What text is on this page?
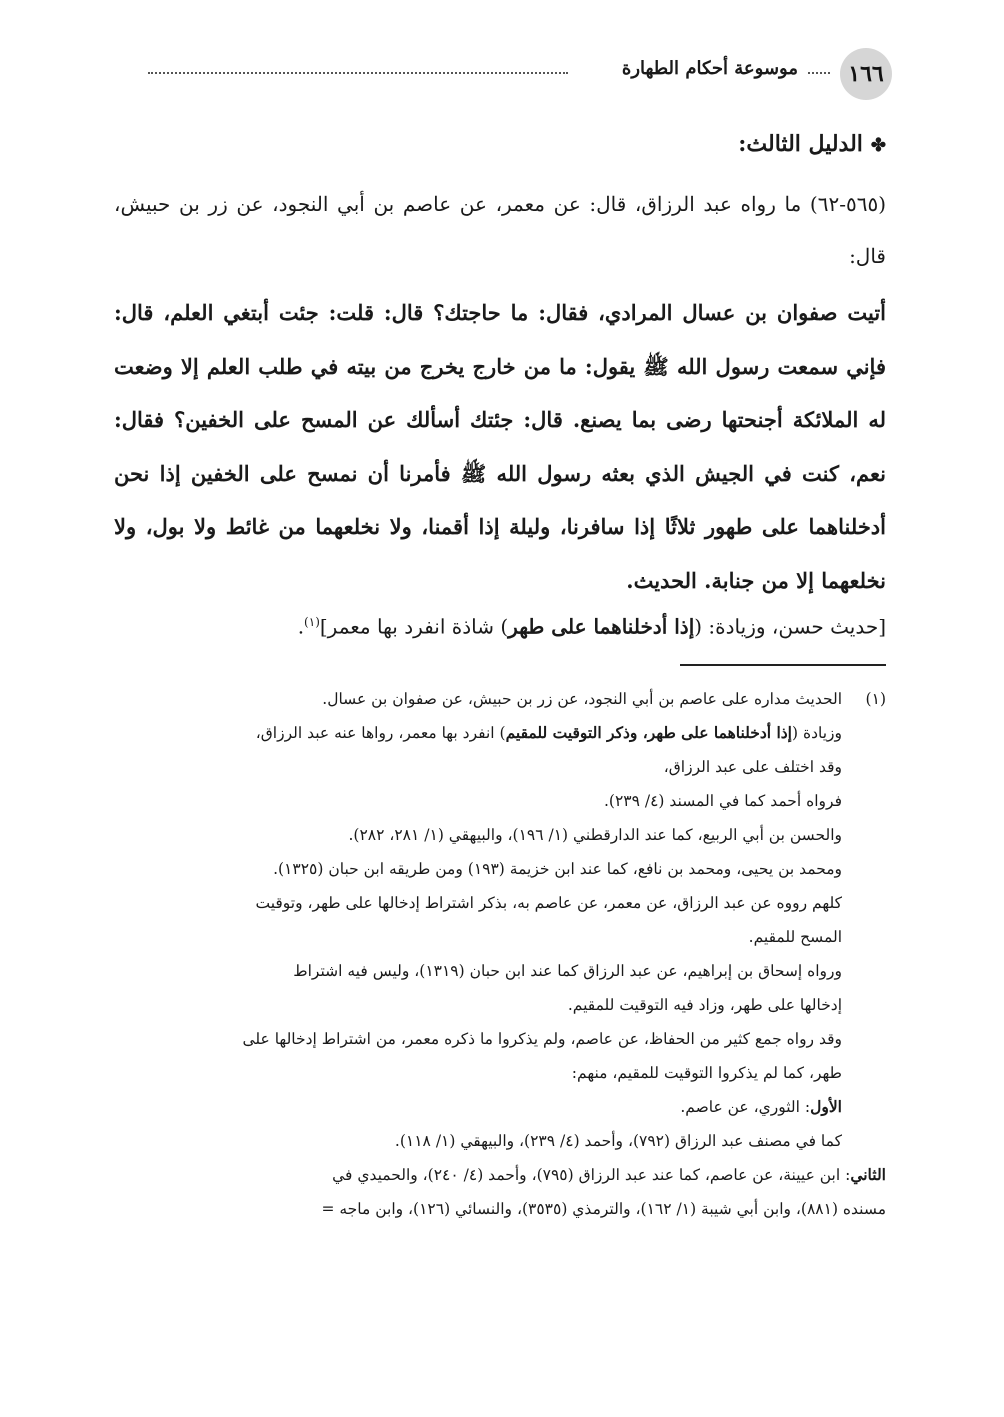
١٦٦
موسوعة أحكام الطهارة
✤الدليل الثالث:
(٥٦٥-٦٢) ما رواه عبد الرزاق، قال: عن معمر، عن عاصم بن أبي النجود، عن زر بن حبيش، قال:
أتيت صفوان بن عسال المرادي، فقال: ما حاجتك؟ قال: قلت: جئت أبتغي العلم، قال: فإني سمعت رسول الله ﷺ يقول: ما من خارج يخرج من بيته في طلب العلم إلا وضعت له الملائكة أجنحتها رضى بما يصنع. قال: جئتك أسألك عن المسح على الخفين؟ فقال: نعم، كنت في الجيش الذي بعثه رسول الله ﷺ فأمرنا أن نمسح على الخفين إذا نحن أدخلناهما على طهور ثلاثًا إذا سافرنا، وليلة إذا أقمنا، ولا نخلعهما من غائط ولا بول، ولا نخلعهما إلا من جنابة. الحديث.
[حديث حسن، وزيادة: (إذا أدخلناهما على طهر) شاذة انفرد بها معمر]$^{(١)}$.
(١)الحديث مداره على عاصم بن أبي النجود، عن زر بن حبيش، عن صفوان بن عسال.
وزيادة (إذا أدخلناهما على طهر، وذكر التوقيت للمقيم) انفرد بها معمر، رواها عنه عبد الرزاق،
وقد اختلف على عبد الرزاق،
فرواه أحمد كما في المسند (٤/ ٢٣٩).
والحسن بن أبي الربيع، كما عند الدارقطني (١/ ١٩٦)، والبيهقي (١/ ٢٨١، ٢٨٢).
ومحمد بن يحيى، ومحمد بن نافع، كما عند ابن خزيمة (١٩٣) ومن طريقه ابن حبان (١٣٢٥).
كلهم رووه عن عبد الرزاق، عن معمر، عن عاصم به، بذكر اشتراط إدخالها على طهر، وتوقيت
المسح للمقيم.
ورواه إسحاق بن إبراهيم، عن عبد الرزاق كما عند ابن حبان (١٣١٩)، وليس فيه اشتراط
إدخالها على طهر، وزاد فيه التوقيت للمقيم.
وقد رواه جمع كثير من الحفاظ، عن عاصم، ولم يذكروا ما ذكره معمر، من اشتراط إدخالها على
طهر، كما لم يذكروا التوقيت للمقيم، منهم:
الأول: الثوري، عن عاصم.
كما في مصنف عبد الرزاق (٧٩٢)، وأحمد (٤/ ٢٣٩)، والبيهقي (١/ ١١٨).
الثاني: ابن عيينة، عن عاصم، كما عند عبد الرزاق (٧٩٥)، وأحمد (٤/ ٢٤٠)، والحميدي في
مسنده (٨٨١)، وابن أبي شيبة (١/ ١٦٢)، والترمذي (٣٥٣٥)، والنسائي (١٢٦)، وابن ماجه =
